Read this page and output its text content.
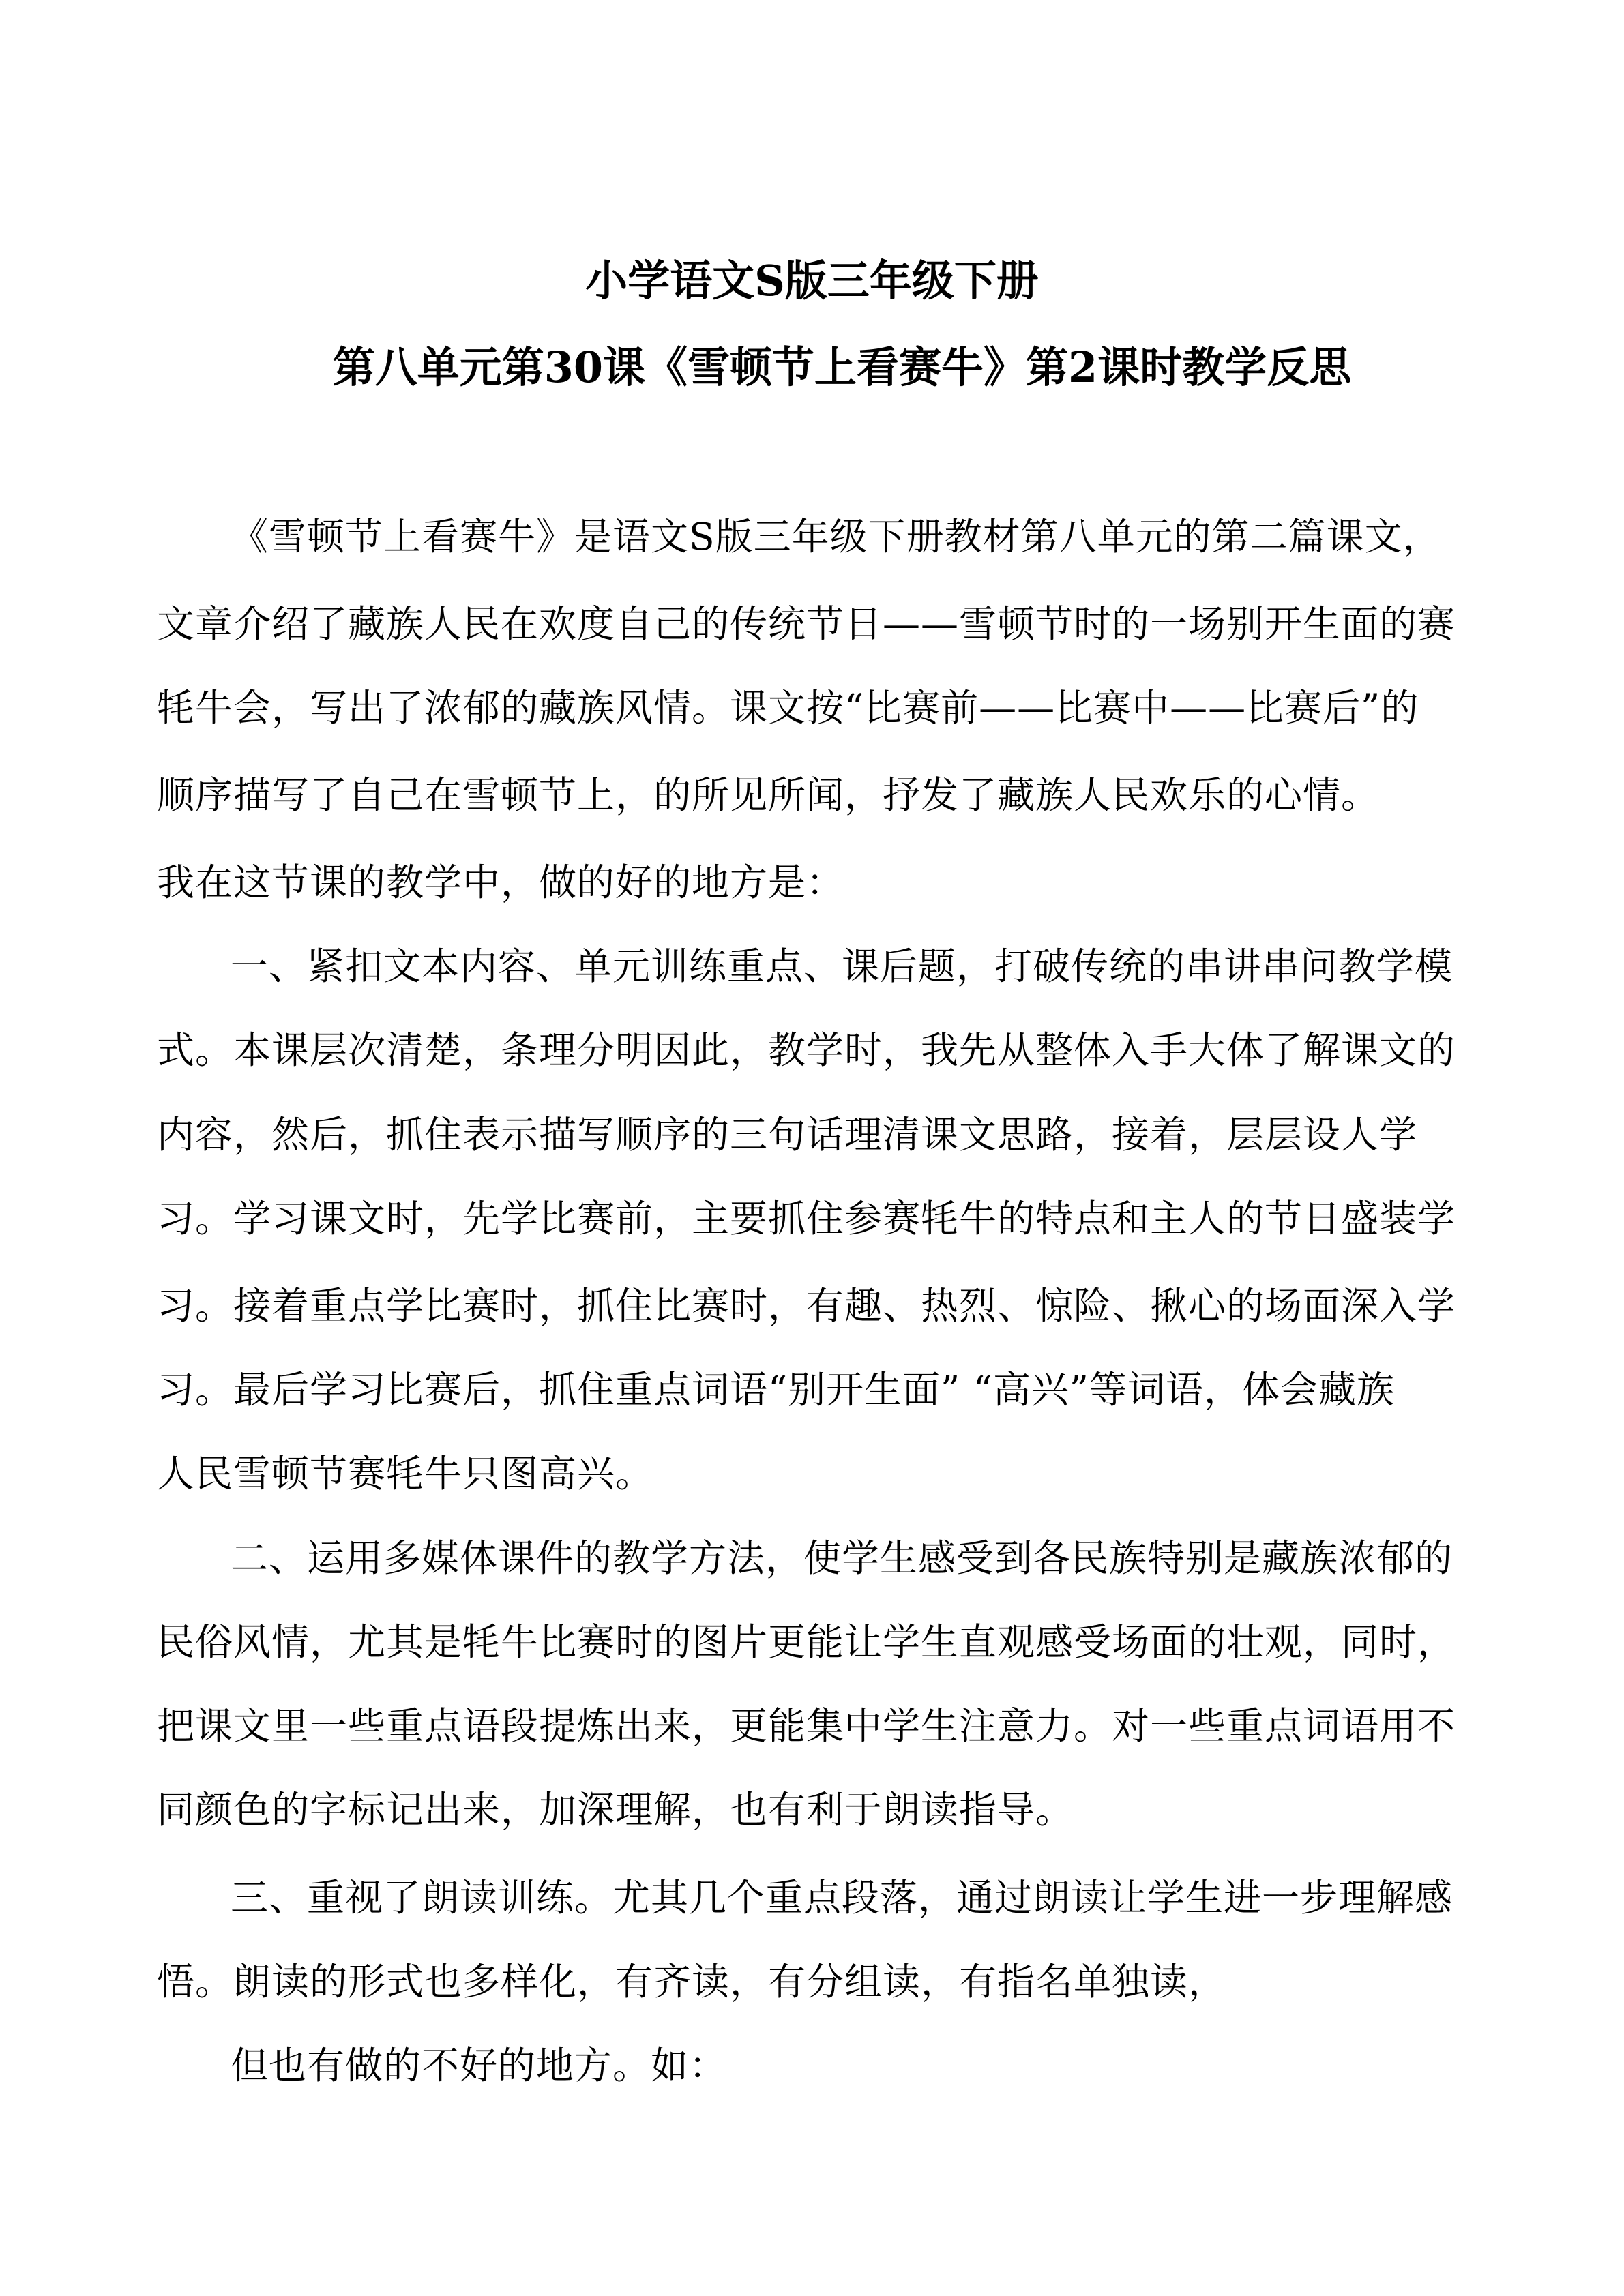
小学语文S版三年级下册
第八单元第30课《雪顿节上看赛牛》第2课时教学反思
《雪顿节上看赛牛》是语文S版三年级下册教材第八单元的第二篇课文，
文章介绍了藏族人民在欢度自己的传统节日——雪顿节时的一场别开生面的赛
牦牛会，写出了浓郁的藏族风情。课文按“比赛前——比赛中——比赛后”的
顺序描写了自己在雪顿节上，的所见所闻，抒发了藏族人民欢乐的心情。
我在这节课的教学中，做的好的地方是：
一、紧扣文本内容、单元训练重点、课后题，打破传统的串讲串问教学模
式。本课层次清楚，条理分明因此，教学时，我先从整体入手大体了解课文的
内容，然后，抓住表示描写顺序的三句话理清课文思路，接着，层层设人学
习。学习课文时，先学比赛前，主要抓住参赛牦牛的特点和主人的节日盛装学
习。接着重点学比赛时，抓住比赛时，有趣、热烈、惊险、揪心的场面深入学
习。最后学习比赛后，抓住重点词语“别开生面” “高兴”等词语，体会藏族
人民雪顿节赛牦牛只图高兴。
二、运用多媒体课件的教学方法，使学生感受到各民族特别是藏族浓郁的
民俗风情，尤其是牦牛比赛时的图片更能让学生直观感受场面的壮观，同时，
把课文里一些重点语段提炼出来，更能集中学生注意力。对一些重点词语用不
同颜色的字标记出来，加深理解，也有利于朗读指导。
三、重视了朗读训练。尤其几个重点段落，通过朗读让学生进一步理解感
悟。朗读的形式也多样化，有齐读，有分组读，有指名单独读，
但也有做的不好的地方。如：
